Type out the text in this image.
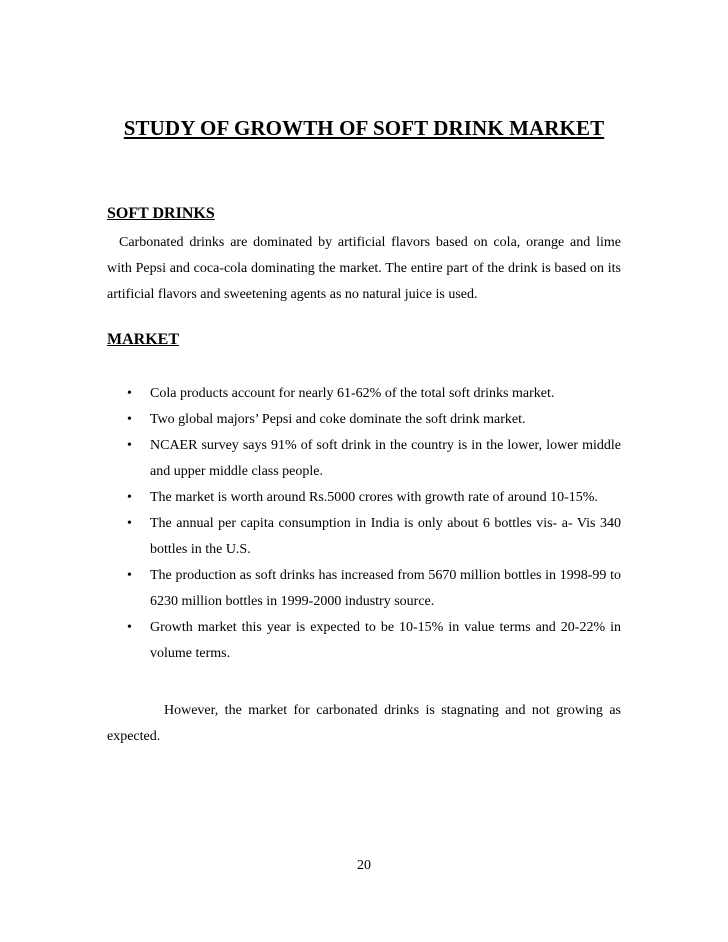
STUDY OF GROWTH OF SOFT DRINK MARKET
SOFT DRINKS

Carbonated drinks are dominated by artificial flavors based on cola, orange and lime with Pepsi and coca-cola dominating the market. The entire part of the drink is based on its artificial flavors and sweetening agents as no natural juice is used.

MARKET
• Cola products account for nearly 61-62% of the total soft drinks market.
• Two global majors’ Pepsi and coke dominate the soft drink market.
• NCAER survey says 91% of soft drink in the country is in the lower, lower middle and upper middle class people.
• The market is worth around Rs.5000 crores with growth rate of around 10-15%.
• The annual per capita consumption in India is only about 6 bottles vis- a- Vis 340 bottles in the U.S.
• The production as soft drinks has increased from 5670 million bottles in 1998-99 to 6230 million bottles in 1999-2000 industry source.
• Growth market this year is expected to be 10-15% in value terms and 20-22% in volume terms.

However, the market for carbonated drinks is stagnating and not growing as expected.

20
